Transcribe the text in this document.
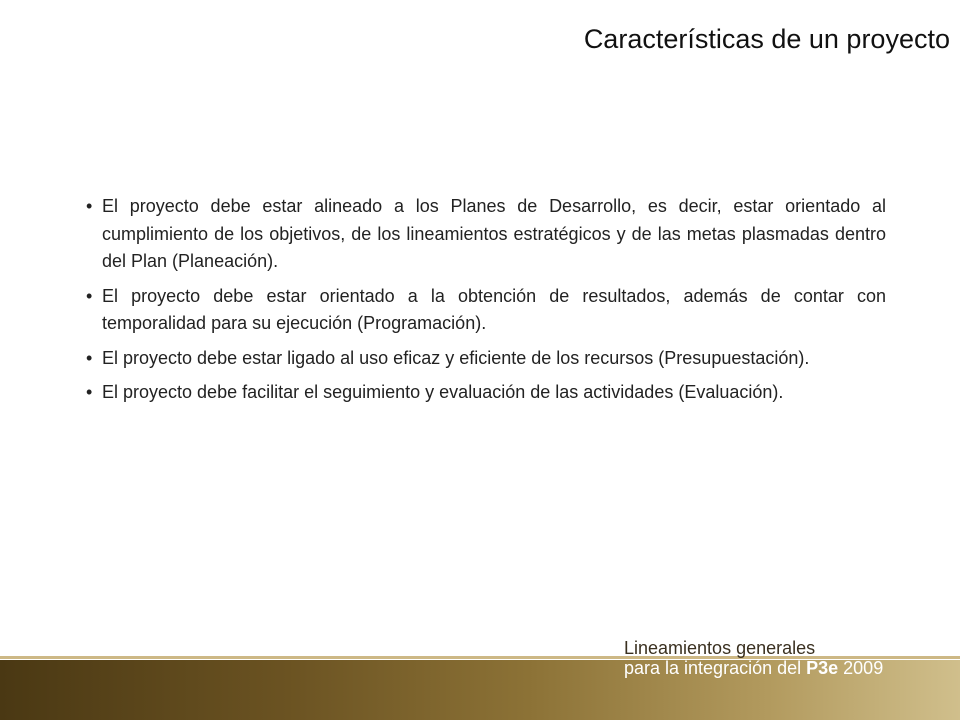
Características de un proyecto
• El proyecto debe estar alineado a los Planes de Desarrollo, es decir, estar orientado al cumplimiento de los objetivos, de los lineamientos estratégicos y de las metas plasmadas dentro del Plan (Planeación).
• El proyecto debe estar orientado a la obtención de resultados, además de contar con temporalidad para su ejecución (Programación).
• El proyecto debe estar ligado al uso eficaz y eficiente de los recursos (Presupuestación).
• El proyecto debe facilitar el seguimiento y evaluación de las actividades (Evaluación).
Lineamientos generales
para la integración del P3e 2009
